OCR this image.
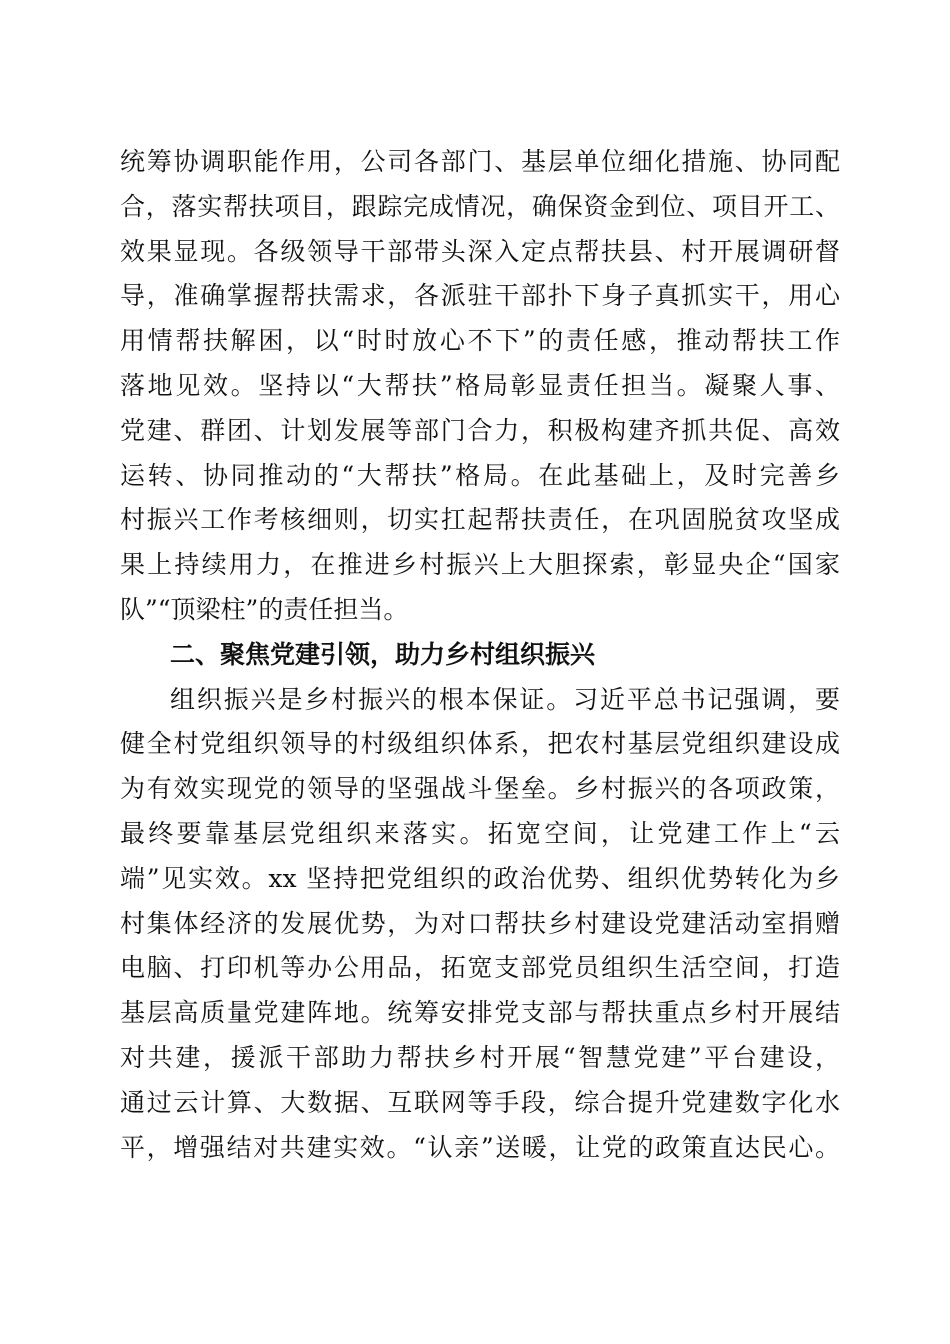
统筹协调职能作用，公司各部门、基层单位细化措施、协同配
合，落实帮扶项目，跟踪完成情况，确保资金到位、项目开工、
效果显现。各级领导干部带头深入定点帮扶县、村开展调研督
导，准确掌握帮扶需求，各派驻干部扑下身子真抓实干，用心
用情帮扶解困，以“时时放心不下”的责任感，推动帮扶工作
落地见效。坚持以“大帮扶”格局彰显责任担当。凝聚人事、
党建、群团、计划发展等部门合力，积极构建齐抓共促、高效
运转、协同推动的“大帮扶”格局。在此基础上，及时完善乡
村振兴工作考核细则，切实扛起帮扶责任，在巩固脱贫攻坚成
果上持续用力，在推进乡村振兴上大胆探索，彰显央企“国家
队”“顶梁柱”的责任担当。
二、聚焦党建引领，助力乡村组织振兴
组织振兴是乡村振兴的根本保证。习近平总书记强调，要
健全村党组织领导的村级组织体系，把农村基层党组织建设成
为有效实现党的领导的坚强战斗堡垒。乡村振兴的各项政策，
最终要靠基层党组织来落实。拓宽空间，让党建工作上“云
端”见实效。xx 坚持把党组织的政治优势、组织优势转化为乡
村集体经济的发展优势，为对口帮扶乡村建设党建活动室捐赠
电脑、打印机等办公用品，拓宽支部党员组织生活空间，打造
基层高质量党建阵地。统筹安排党支部与帮扶重点乡村开展结
对共建，援派干部助力帮扶乡村开展“智慧党建”平台建设，
通过云计算、大数据、互联网等手段，综合提升党建数字化水
平，增强结对共建实效。“认亲”送暖，让党的政策直达民心。
